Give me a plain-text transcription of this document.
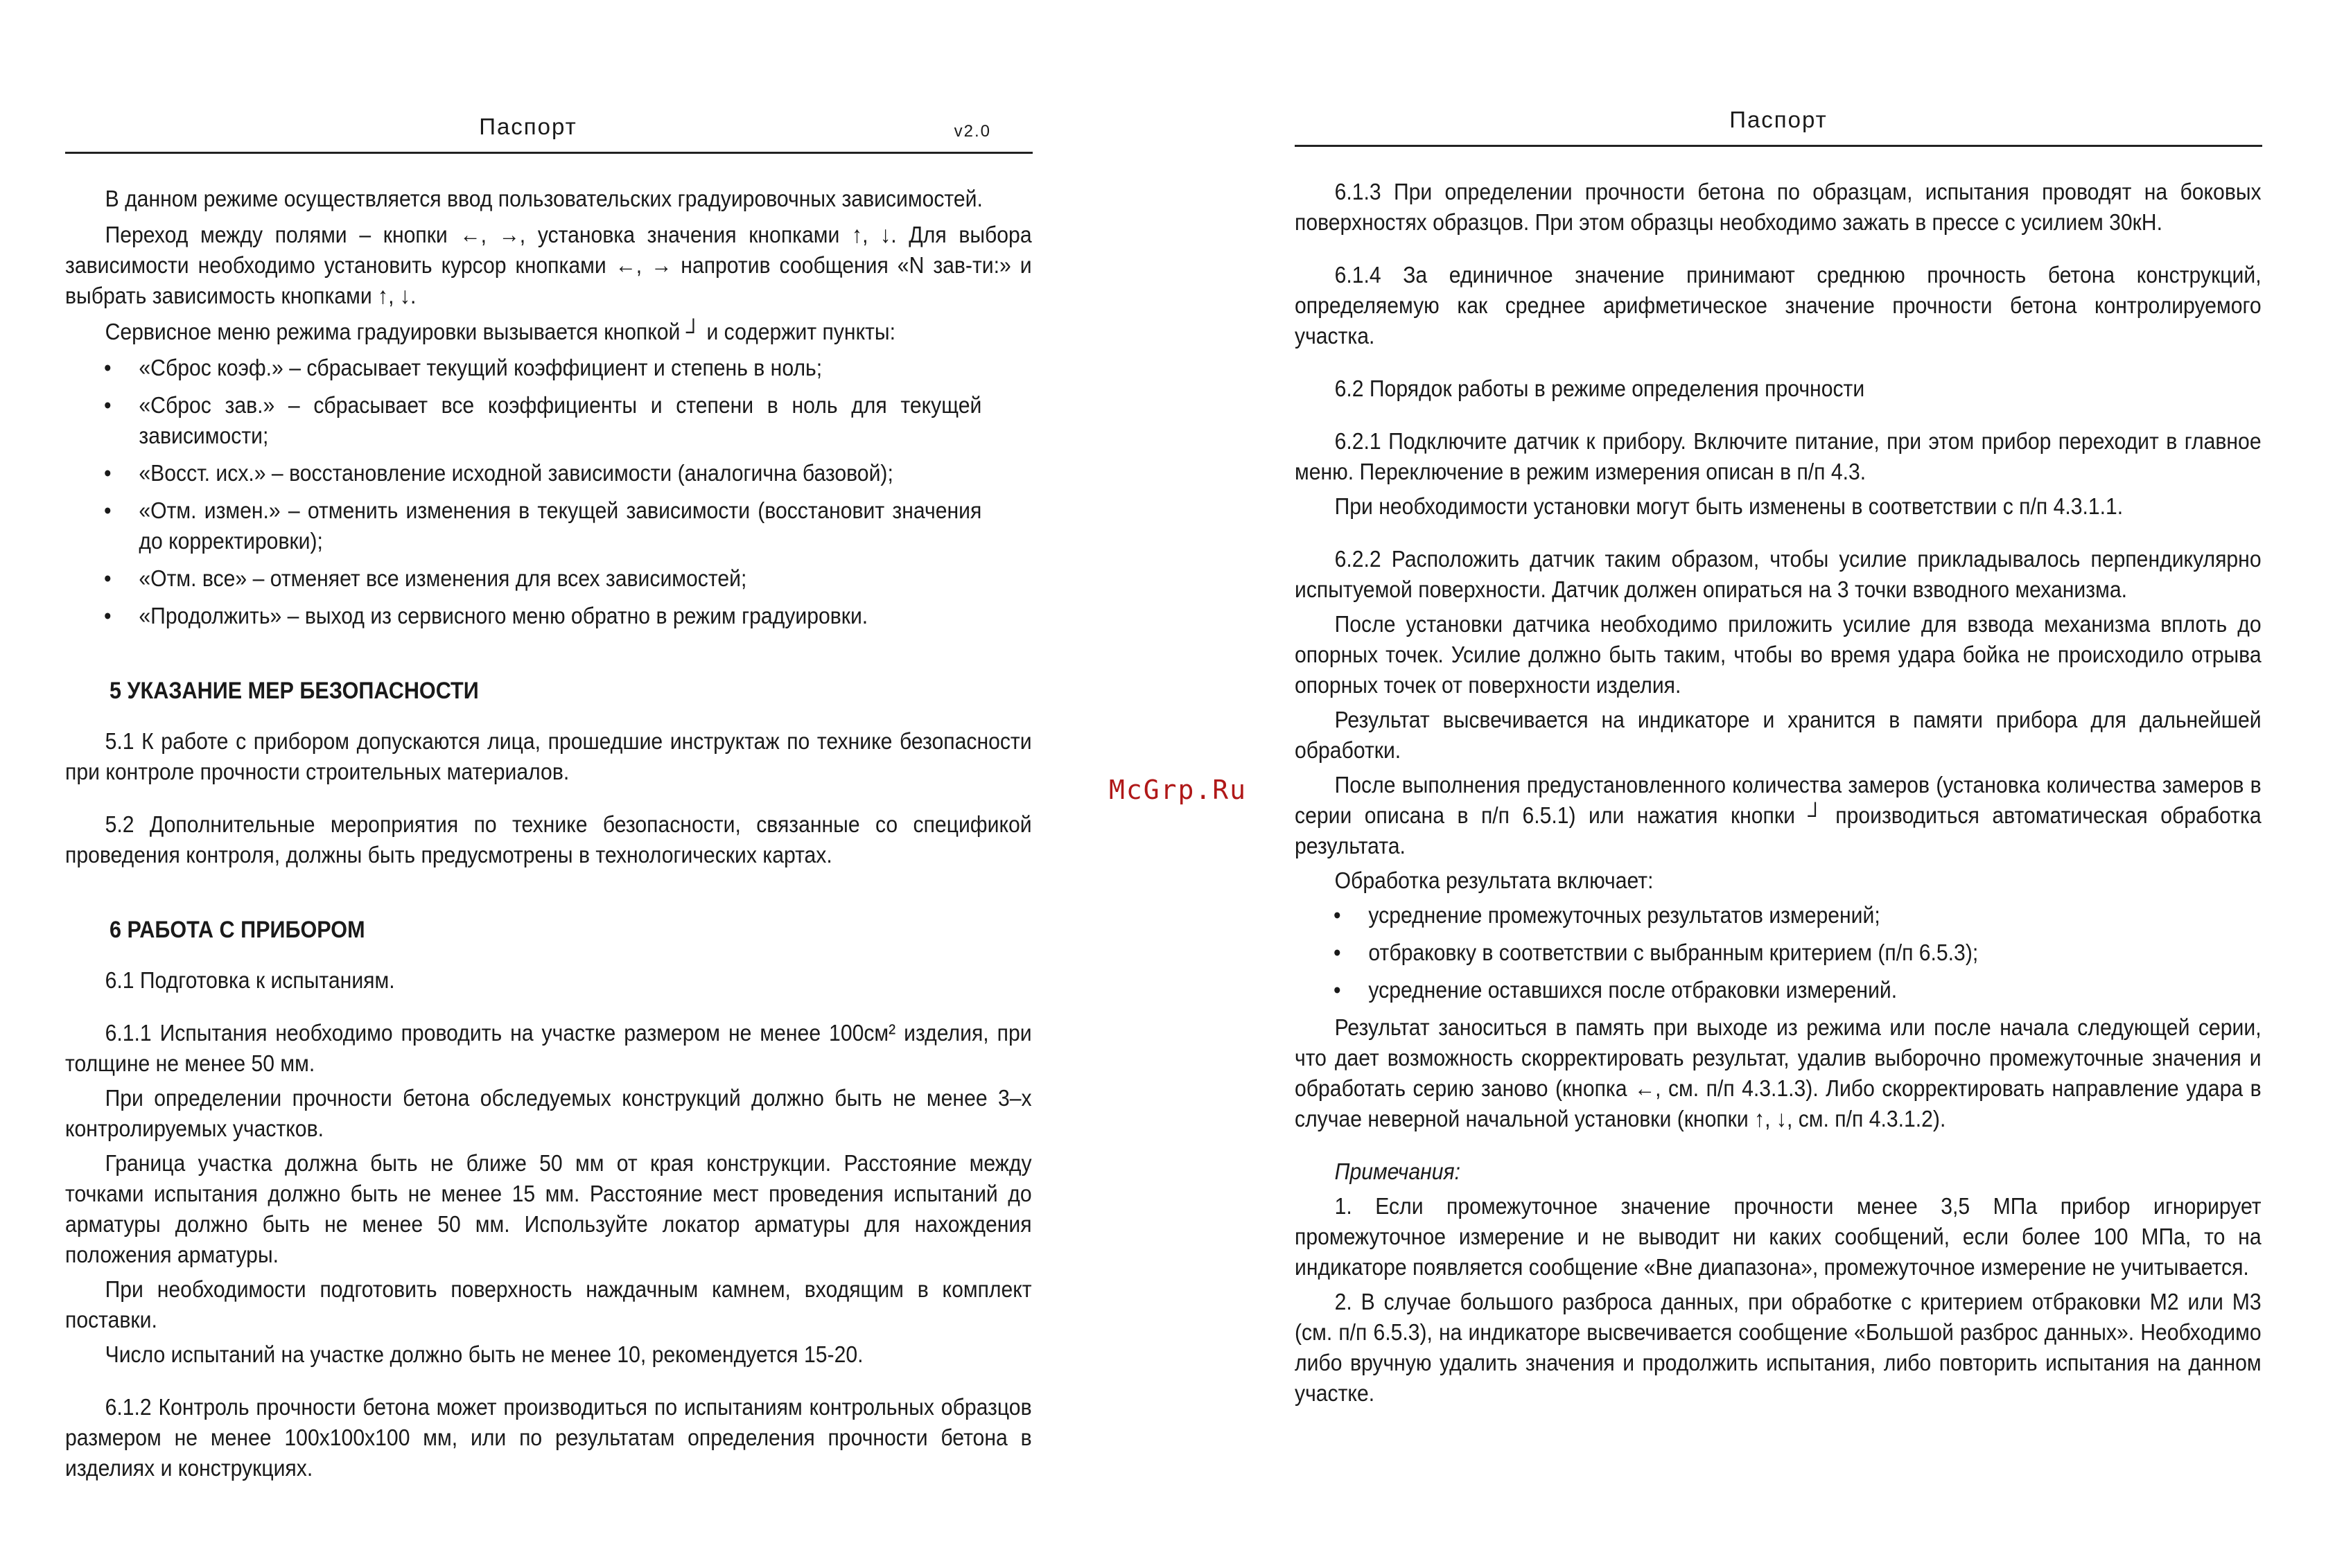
Паспорт	v2.0

В данном режиме осуществляется ввод пользовательских градуировочных зависимостей.

Переход между полями – кнопки ←, →, установка значения кнопками ↑, ↓. Для выбора зависимости необходимо установить курсор кнопками ←, → напротив сообщения «N зав-ти:» и выбрать зависимость кнопками ↑, ↓.

Сервисное меню режима градуировки вызывается кнопкой ┘ и содержит пункты:

• «Сброс коэф.» – сбрасывает текущий коэффициент и степень в ноль;
• «Сброс зав.» – сбрасывает все коэффициенты и степени в ноль для текущей зависимости;
• «Восст. исх.» – восстановление исходной зависимости (аналогична базовой);
• «Отм. измен.» – отменить изменения в текущей зависимости (восстановит значения до корректировки);
• «Отм. все» – отменяет все изменения для всех зависимостей;
• «Продолжить» – выход из сервисного меню обратно в режим градуировки.
5 УКАЗАНИЕ МЕР БЕЗОПАСНОСТИ

5.1 К работе с прибором допускаются лица, прошедшие инструктаж по технике безопасности при контроле прочности строительных материалов.

5.2 Дополнительные мероприятия по технике безопасности, связанные со спецификой проведения контроля, должны быть предусмотрены в технологических картах.

6 РАБОТА С ПРИБОРОМ

6.1 Подготовка к испытаниям.

6.1.1 Испытания необходимо проводить на участке размером не менее 100см² изделия, при толщине не менее 50 мм.

При определении прочности бетона обследуемых конструкций должно быть не менее 3–х контролируемых участков.

Граница участка должна быть не ближе 50 мм от края конструкции. Расстояние между точками испытания должно быть не менее 15 мм. Расстояние мест проведения испытаний до арматуры должно быть не менее 50 мм. Используйте локатор арматуры для нахождения положения арматуры.

При необходимости подготовить поверхность наждачным камнем, входящим в комплект поставки.

Число испытаний на участке должно быть не менее 10, рекомендуется 15-20.

6.1.2 Контроль прочности бетона может производиться по испытаниям контрольных образцов размером не менее 100x100x100 мм, или по результатам определения прочности бетона в изделиях и конструкциях.

McGrp.Ru
Паспорт

6.1.3 При определении прочности бетона по образцам, испытания проводят на боковых поверхностях образцов. При этом образцы необходимо зажать в прессе с усилием 30кН.

6.1.4 За единичное значение принимают среднюю прочность бетона конструкций, определяемую как среднее арифметическое значение прочности бетона контролируемого участка.

6.2 Порядок работы в режиме определения прочности

6.2.1 Подключите датчик к прибору. Включите питание, при этом прибор переходит в главное меню. Переключение в режим измерения описан в п/п 4.3.

При необходимости установки могут быть изменены в соответствии с п/п 4.3.1.1.

6.2.2 Расположить датчик таким образом, чтобы усилие прикладывалось перпендикулярно испытуемой поверхности. Датчик должен опираться на 3 точки взводного механизма.

После установки датчика необходимо приложить усилие для взвода механизма вплоть до опорных точек. Усилие должно быть таким, чтобы во время удара бойка не происходило отрыва опорных точек от поверхности изделия.

Результат высвечивается на индикаторе и хранится в памяти прибора для дальнейшей обработки.

После выполнения предустановленного количества замеров (установка количества замеров в серии описана в п/п 6.5.1) или нажатия кнопки ┘ производиться автоматическая обработка результата.

Обработка результата включает:

• усреднение промежуточных результатов измерений;
• отбраковку в соответствии с выбранным критерием (п/п 6.5.3);
• усреднение оставшихся после отбраковки измерений.

Результат заноситься в память при выходе из режима или после начала следующей серии, что дает возможность скорректировать результат, удалив выборочно промежуточные значения и обработать серию заново (кнопка ←, см. п/п 4.3.1.3). Либо скорректировать направление удара в случае неверной начальной установки (кнопки ↑, ↓, см. п/п 4.3.1.2).

Примечания:

1. Если промежуточное значение прочности менее 3,5 МПа прибор игнорирует промежуточное измерение и не выводит ни каких сообщений, если более 100 МПа, то на индикаторе появляется сообщение «Вне диапазона», промежуточное измерение не учитывается.

2. В случае большого разброса данных, при обработке с критерием отбраковки М2 или М3 (см. п/п 6.5.3), на индикаторе высвечивается сообщение «Большой разброс данных». Необходимо либо вручную удалить значения и продолжить испытания, либо повторить испытания на данном участке.
